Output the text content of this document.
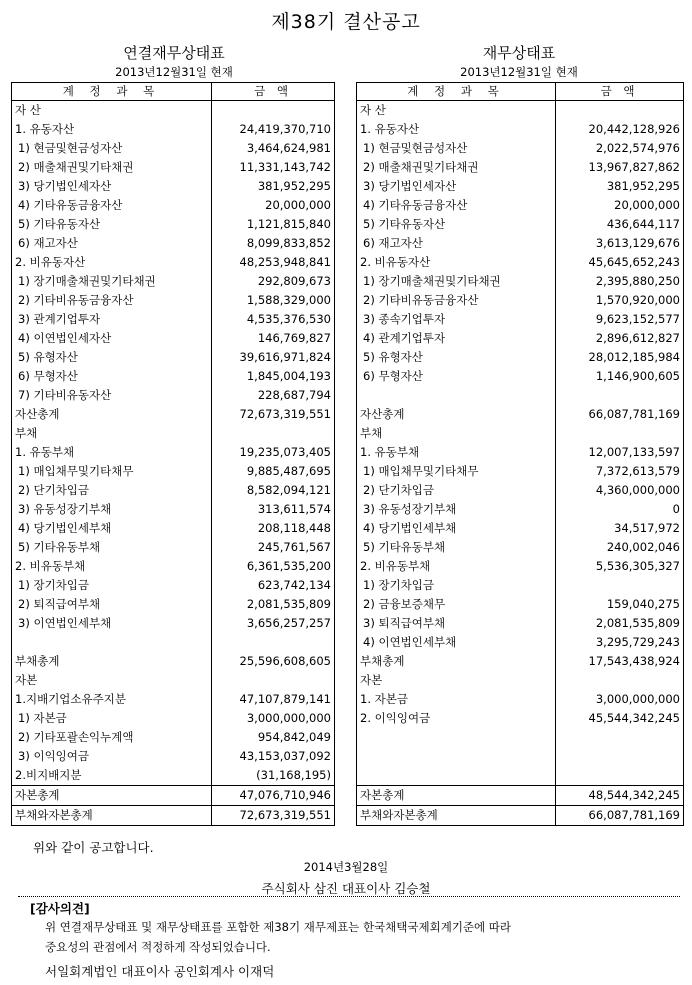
제38기 결산공고
연결재무상태표
2013년12월31일 현재
계 정 과 목	금 액
자 산
1. 유동자산	24,419,370,710
1) 현금및현금성자산	3,464,624,981
2) 매출채권및기타채권	11,331,143,742
3) 당기법인세자산	381,952,295
4) 기타유동금융자산	20,000,000
5) 기타유동자산	1,121,815,840
6) 재고자산	8,099,833,852
2. 비유동자산	48,253,948,841
1) 장기매출채권및기타채권	292,809,673
2) 기타비유동금융자산	1,588,329,000
3) 관계기업투자	4,535,376,530
4) 이연법인세자산	146,769,827
5) 유형자산	39,616,971,824
6) 무형자산	1,845,004,193
7) 기타비유동자산	228,687,794
자산총계	72,673,319,551
부채
1. 유동부채	19,235,073,405
1) 매입채무및기타채무	9,885,487,695
2) 단기차입금	8,582,094,121
3) 유동성장기부채	313,611,574
4) 당기법인세부채	208,118,448
5) 기타유동부채	245,761,567
2. 비유동부채	6,361,535,200
1) 장기차입금	623,742,134
2) 퇴직급여부채	2,081,535,809
3) 이연법인세부채	3,656,257,257
부채총계	25,596,608,605
자본
1.지배기업소유주지분	47,107,879,141
1) 자본금	3,000,000,000
2) 기타포괄손익누계액	954,842,049
3) 이익잉여금	43,153,037,092
2.비지배지분	(31,168,195)
자본총계	47,076,710,946
부채와자본총계	72,673,319,551
재무상태표
2013년12월31일 현재
계 정 과 목	금 액
자 산
1. 유동자산	20,442,128,926
1) 현금및현금성자산	2,022,574,976
2) 매출채권및기타채권	13,967,827,862
3) 당기법인세자산	381,952,295
4) 기타유동금융자산	20,000,000
5) 기타유동자산	436,644,117
6) 재고자산	3,613,129,676
2. 비유동자산	45,645,652,243
1) 장기매출채권및기타채권	2,395,880,250
2) 기타비유동금융자산	1,570,920,000
3) 종속기업투자	9,623,152,577
4) 관계기업투자	2,896,612,827
5) 유형자산	28,012,185,984
6) 무형자산	1,146,900,605
자산총계	66,087,781,169
부채
1. 유동부채	12,007,133,597
1) 매입채무및기타채무	7,372,613,579
2) 단기차입금	4,360,000,000
3) 유동성장기부채	0
4) 당기법인세부채	34,517,972
5) 기타유동부채	240,002,046
2. 비유동부채	5,536,305,327
1) 장기차입금
2) 금융보증채무	159,040,275
3) 퇴직급여부채	2,081,535,809
4) 이연법인세부채	3,295,729,243
부채총계	17,543,438,924
자본
1. 자본금	3,000,000,000
2. 이익잉여금	45,544,342,245
자본총계	48,544,342,245
부채와자본총계	66,087,781,169
위와 같이 공고합니다.
2014년3월28일
주식회사 삼진 대표이사 김승철
[감사의견]
위 연결재무상태표 및 재무상태표를 포함한 제38기 재무제표는 한국채택국제회계기준에 따라
중요성의 관점에서 적정하게 작성되었습니다.
서일회계법인 대표이사 공인회계사 이재덕
